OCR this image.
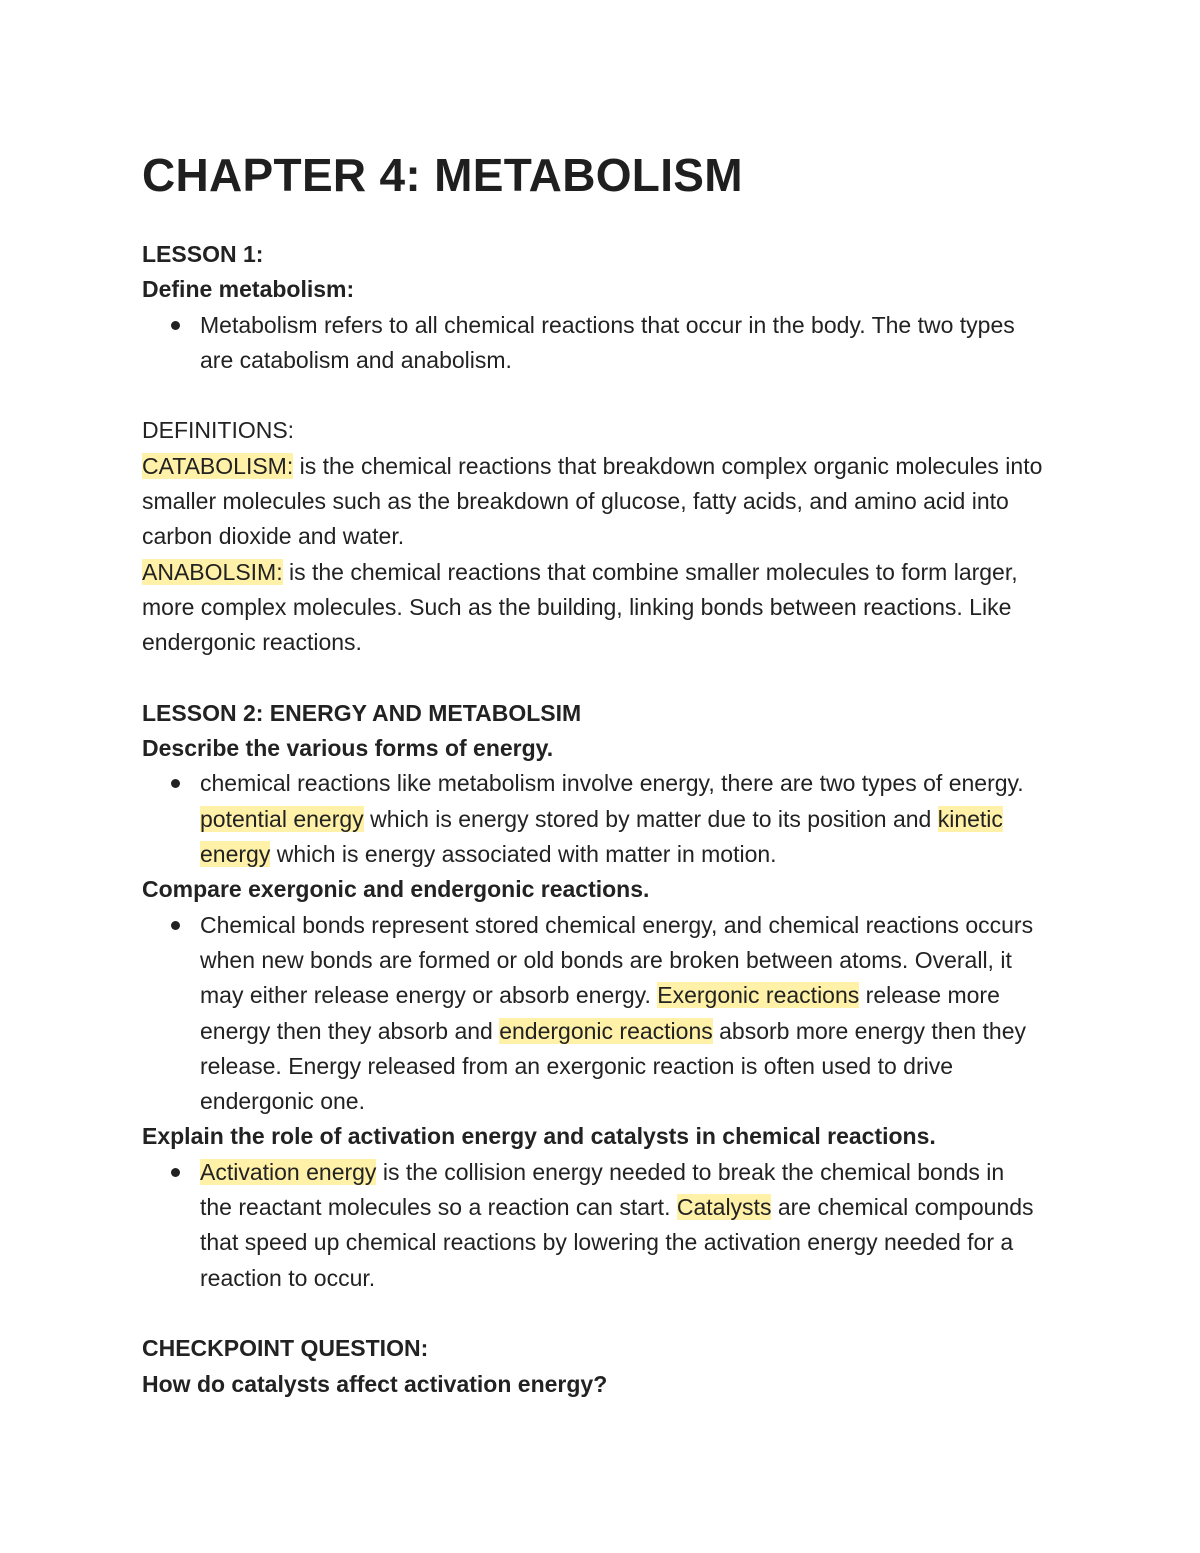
CHAPTER 4: METABOLISM

LESSON 1:

Define metabolism:

Metabolism refers to all chemical reactions that occur in the body. The two types
are catabolism and anabolism.

DEFINITIONS:

CATABOLISM: is the chemical reactions that breakdown complex organic molecules into

smaller molecules such as the breakdown of glucose, fatty acids, and amino acid into

carbon dioxide and water.

ANABOLSIM: is the chemical reactions that combine smaller molecules to form larger,

more complex molecules. Such as the building, linking bonds between reactions. Like

endergonic reactions.

LESSON 2: ENERGY AND METABOLSIM

Describe the various forms of energy.

chemical reactions like metabolism involve energy, there are two types of energy.
potential energy which is energy stored by matter due to its position and kinetic
energy which is energy associated with matter in motion.

Compare exergonic and endergonic reactions.

Chemical bonds represent stored chemical energy, and chemical reactions occurs
when new bonds are formed or old bonds are broken between atoms. Overall, it
may either release energy or absorb energy. Exergonic reactions release more
energy then they absorb and endergonic reactions absorb more energy then they
release. Energy released from an exergonic reaction is often used to drive
endergonic one.

Explain the role of activation energy and catalysts in chemical reactions.

Activation energy is the collision energy needed to break the chemical bonds in
the reactant molecules so a reaction can start. Catalysts are chemical compounds
that speed up chemical reactions by lowering the activation energy needed for a
reaction to occur.

CHECKPOINT QUESTION:

How do catalysts affect activation energy?
